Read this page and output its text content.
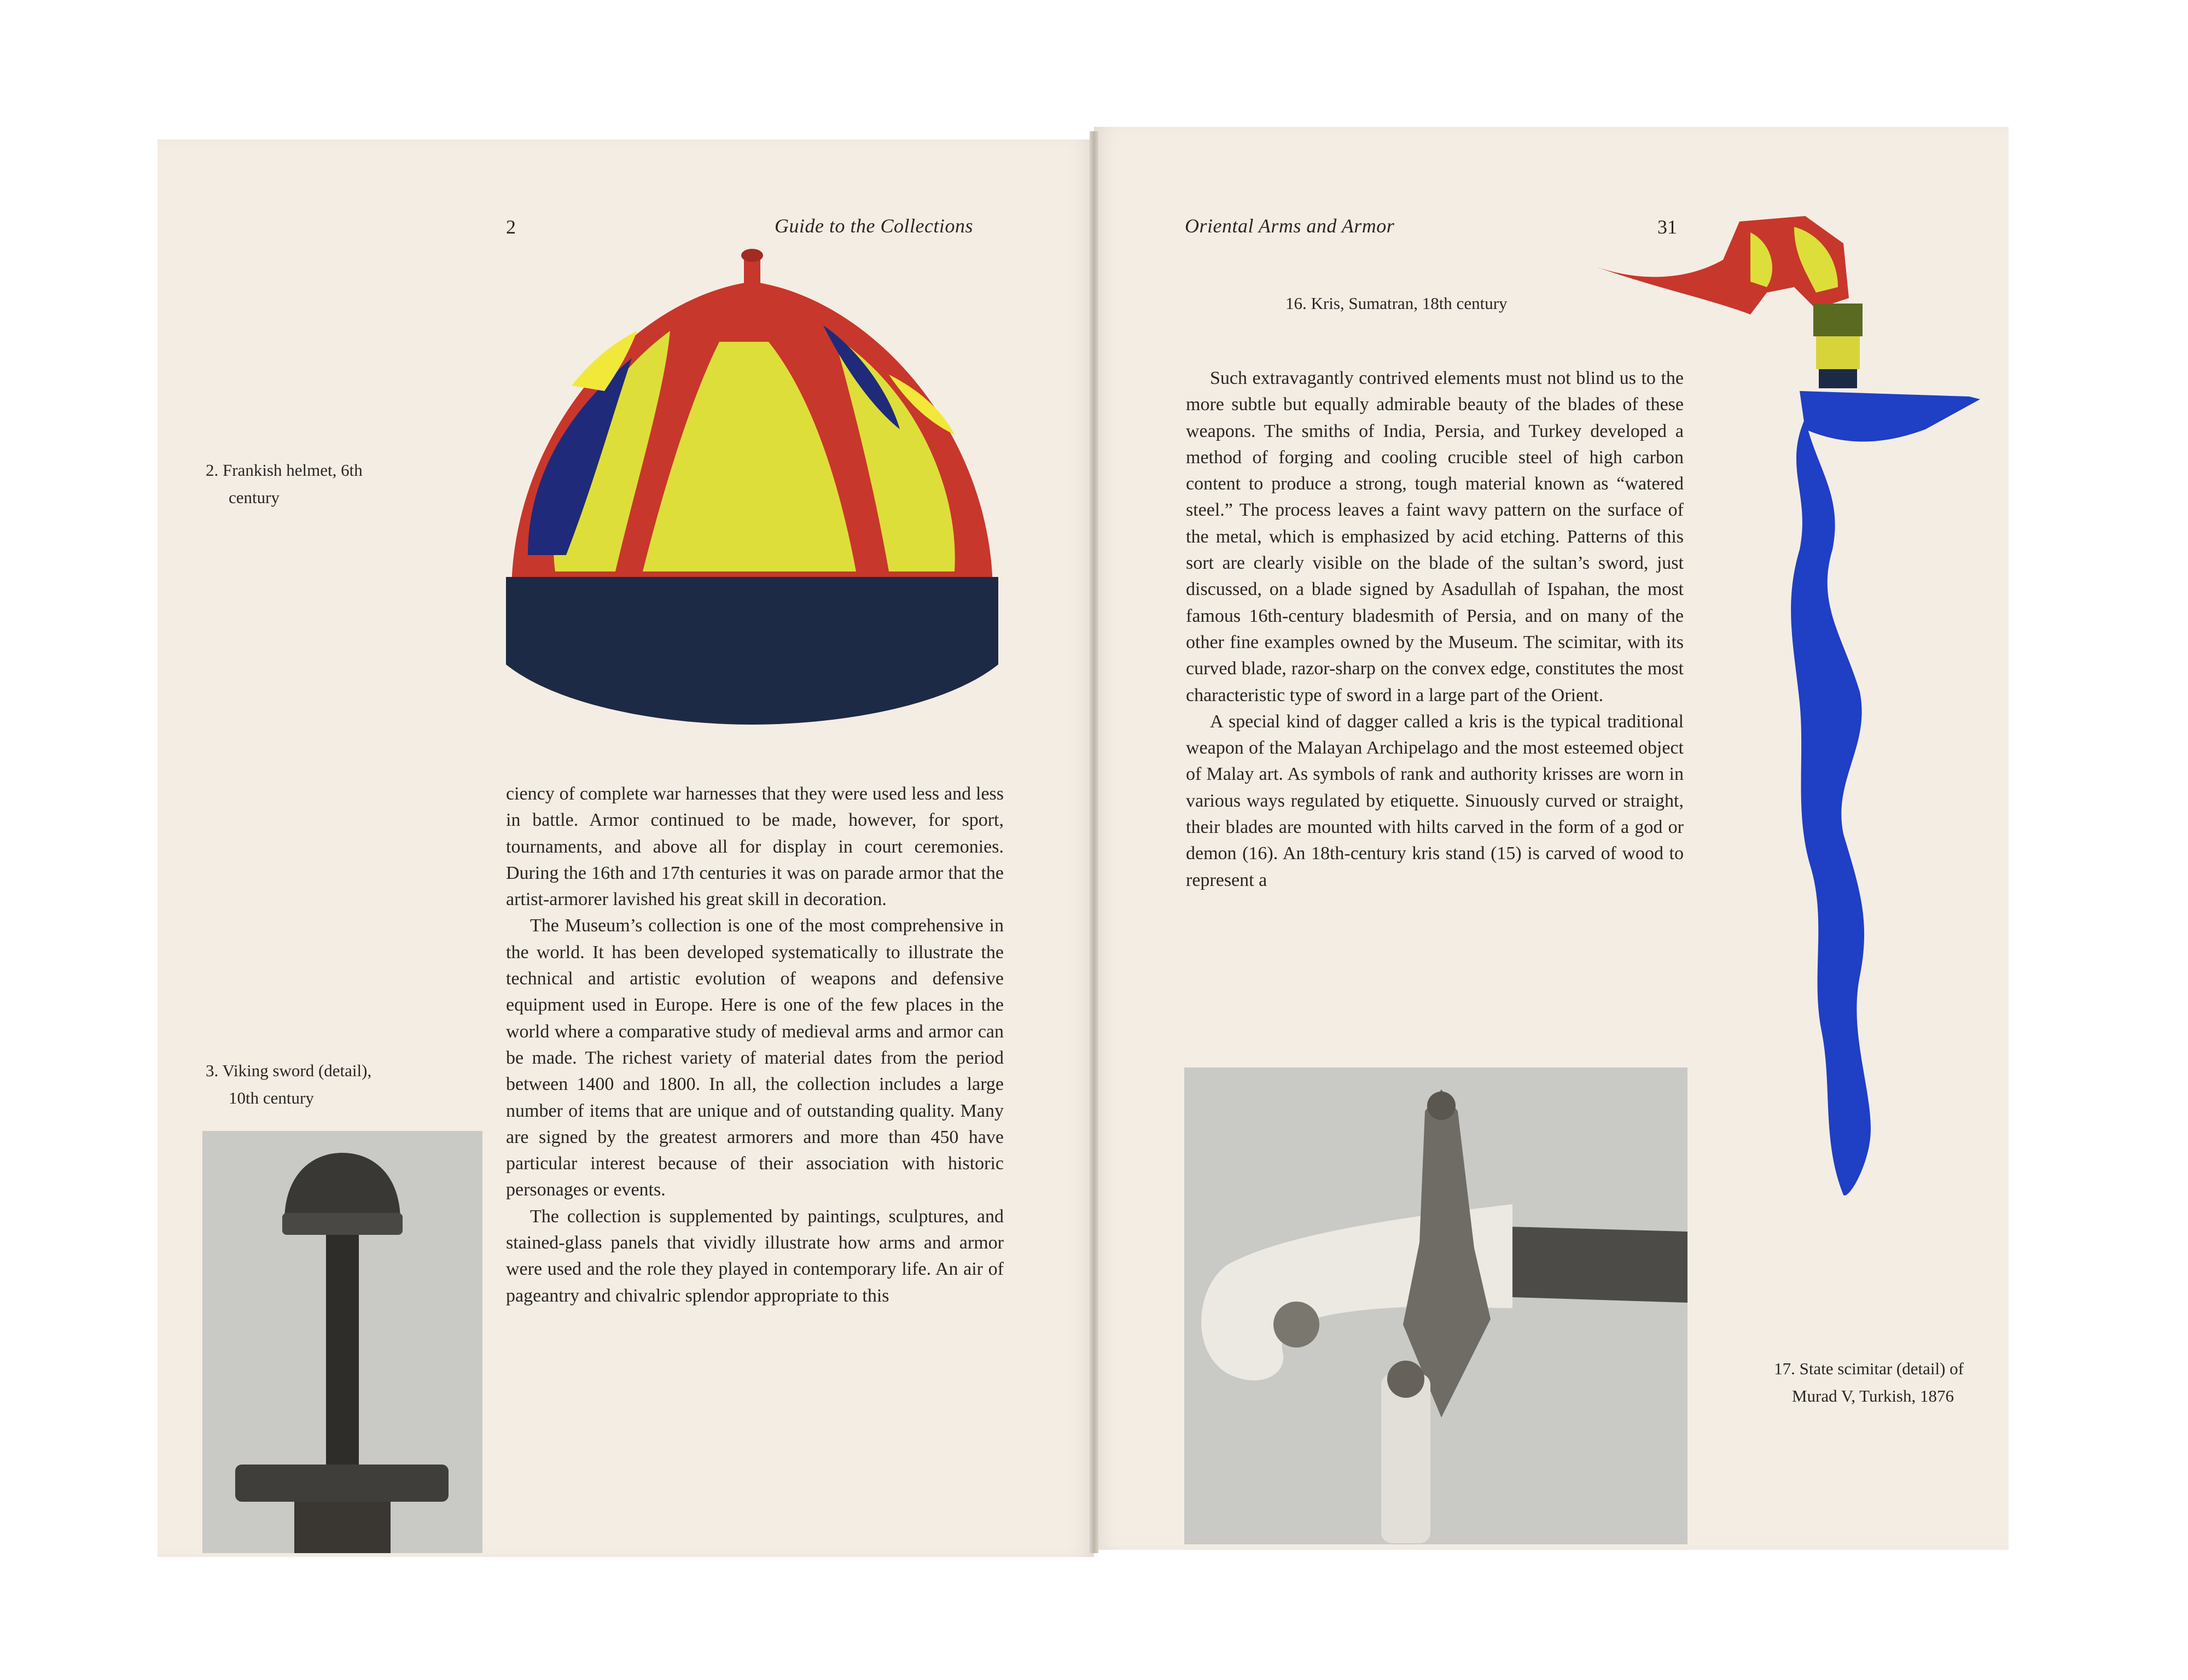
2	Guide to the Collections
2. Frankish helmet, 6th
century

ciency of complete war harnesses that they were used less and less in battle. Armor continued to be made, however, for sport, tournaments, and above all for display in court ceremonies. During the 16th and 17th centuries it was on parade armor that the artist-armorer lavished his great skill in decoration.

The Museum’s collection is one of the most comprehensive in the world. It has been developed systematically to illustrate the technical and artistic evolution of weapons and defensive equipment used in Europe. Here is one of the few places in the world where a comparative study of medieval arms and armor can be made. The richest variety of material dates from the period between 1400 and 1800. In all, the collection includes a large number of items that are unique and of outstanding quality. Many are signed by the greatest armorers and more than 450 have particular interest because of their association with historic personages or events.

The collection is supplemented by paintings, sculptures, and stained-glass panels that vividly illustrate how arms and armor were used and the role they played in contemporary life. An air of pageantry and chivalric splendor appropriate to this

3. Viking sword (detail),
10th century
Oriental Arms and Armor	31
16. Kris, Sumatran, 18th century

Such extravagantly contrived elements must not blind us to the more subtle but equally admirable beauty of the blades of these weapons. The smiths of India, Persia, and Turkey developed a method of forging and cooling crucible steel of high carbon content to produce a strong, tough material known as “watered steel.” The process leaves a faint wavy pattern on the surface of the metal, which is emphasized by acid etching. Patterns of this sort are clearly visible on the blade of the sultan’s sword, just discussed, on a blade signed by Asadullah of Ispahan, the most famous 16th-century bladesmith of Persia, and on many of the other fine examples owned by the Museum. The scimitar, with its curved blade, razor-sharp on the convex edge, constitutes the most characteristic type of sword in a large part of the Orient.

A special kind of dagger called a kris is the typical traditional weapon of the Malayan Archipelago and the most esteemed object of Malay art. As symbols of rank and authority krisses are worn in various ways regulated by etiquette. Sinuously curved or straight, their blades are mounted with hilts carved in the form of a god or demon (16). An 18th-century kris stand (15) is carved of wood to represent a

17. State scimitar (detail) of
Murad V, Turkish, 1876
